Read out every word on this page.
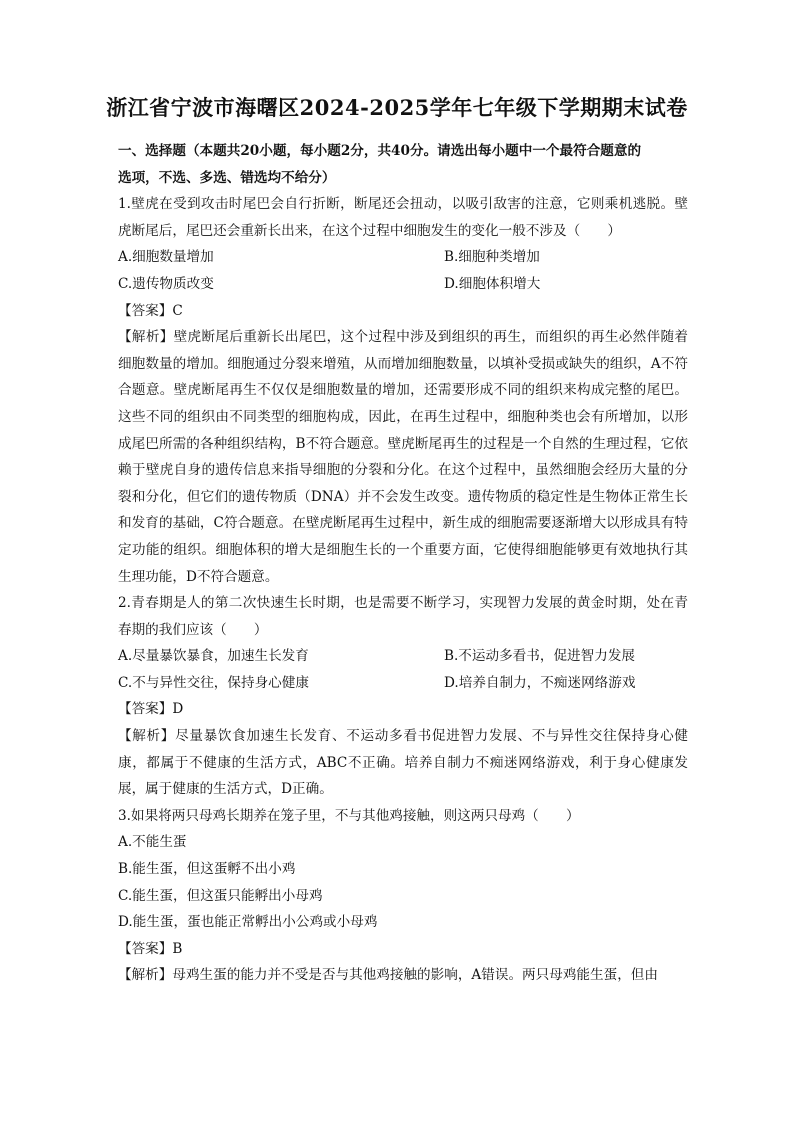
浙江省宁波市海曙区2024-2025学年七年级下学期期末试卷

一、选择题（本题共20小题，每小题2分，共40分。请选出每小题中一个最符合题意的
选项，不选、多选、错选均不给分）

1.壁虎在受到攻击时尾巴会自行折断，断尾还会扭动，以吸引敌害的注意，它则乘机逃脱。壁虎断尾后，尾巴还会重新长出来，在这个过程中细胞发生的变化一般不涉及（　　）

A.细胞数量增加	B.细胞种类增加
C.遗传物质改变	D.细胞体积增大

【答案】C

【解析】壁虎断尾后重新长出尾巴，这个过程中涉及到组织的再生，而组织的再生必然伴随着细胞数量的增加。细胞通过分裂来增殖，从而增加细胞数量，以填补受损或缺失的组织，A不符合题意。壁虎断尾再生不仅仅是细胞数量的增加，还需要形成不同的组织来构成完整的尾巴。这些不同的组织由不同类型的细胞构成，因此，在再生过程中，细胞种类也会有所增加，以形成尾巴所需的各种组织结构，B不符合题意。壁虎断尾再生的过程是一个自然的生理过程，它依赖于壁虎自身的遗传信息来指导细胞的分裂和分化。在这个过程中，虽然细胞会经历大量的分裂和分化，但它们的遗传物质（DNA）并不会发生改变。遗传物质的稳定性是生物体正常生长和发育的基础，C符合题意。在壁虎断尾再生过程中，新生成的细胞需要逐渐增大以形成具有特定功能的组织。细胞体积的增大是细胞生长的一个重要方面，它使得细胞能够更有效地执行其生理功能，D不符合题意。

2.青春期是人的第二次快速生长时期，也是需要不断学习，实现智力发展的黄金时期，处在青春期的我们应该（　　）

A.尽量暴饮暴食，加速生长发育	B.不运动多看书，促进智力发展
C.不与异性交往，保持身心健康	D.培养自制力，不痴迷网络游戏

【答案】D

【解析】尽量暴饮食加速生长发育、不运动多看书促进智力发展、不与异性交往保持身心健康，都属于不健康的生活方式，ABC不正确。培养自制力不痴迷网络游戏，利于身心健康发展，属于健康的生活方式，D正确。

3.如果将两只母鸡长期养在笼子里，不与其他鸡接触，则这两只母鸡（　　）

A.不能生蛋

B.能生蛋，但这蛋孵不出小鸡

C.能生蛋，但这蛋只能孵出小母鸡

D.能生蛋，蛋也能正常孵出小公鸡或小母鸡

【答案】B

【解析】母鸡生蛋的能力并不受是否与其他鸡接触的影响，A错误。两只母鸡能生蛋，但由
